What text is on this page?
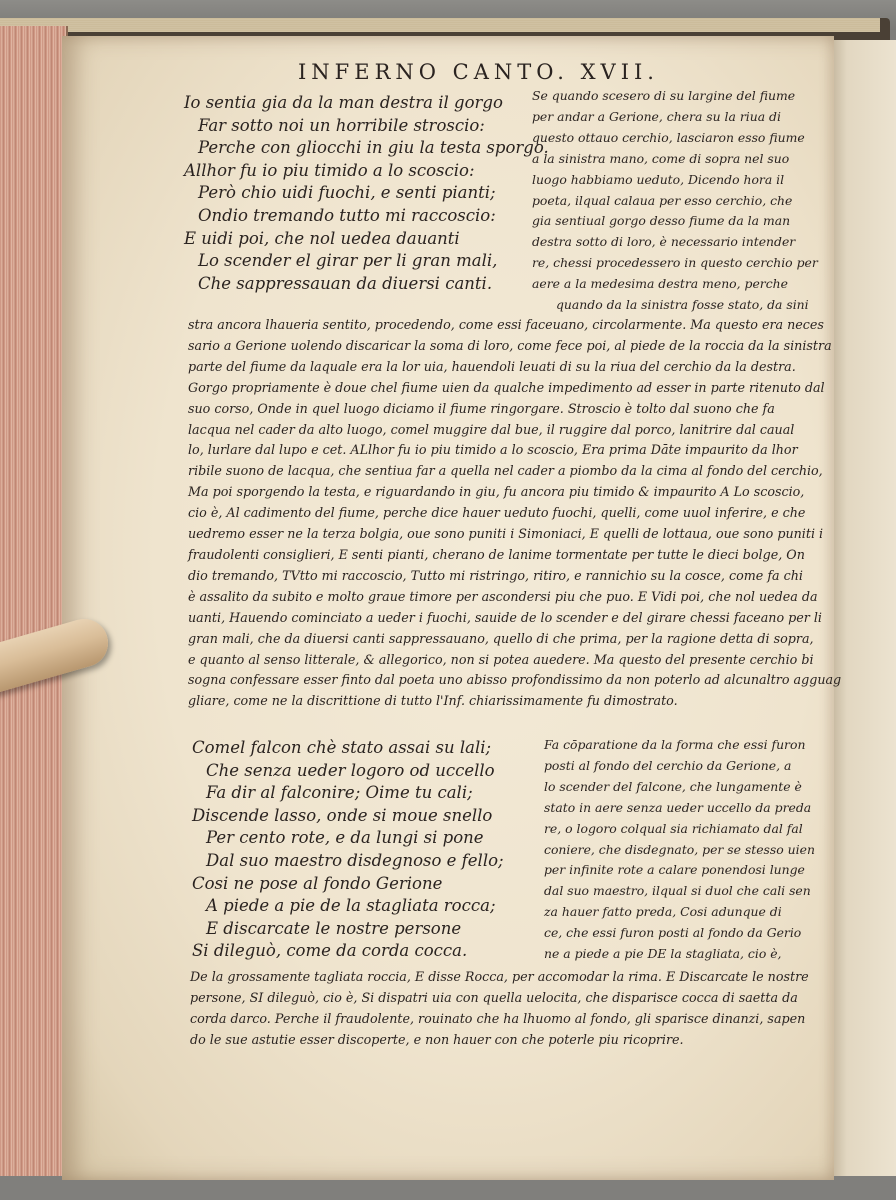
INFERNO CANTO. XVII.
Io sentia gia da la man destra il gorgo
Far sotto noi un horribile stroscio:
Perche con gliocchi in giu la testa sporgo.
Allhor fu io piu timido a lo scoscio:
Però chio uidi fuochi, e senti pianti;
Ondio tremando tutto mi raccoscio:
E uidi poi, che nol uedea dauanti
Lo scender el girar per li gran mali,
Che sappressauan da diuersi canti.
Se quando scesero di su largine del fiume
per andar a Gerione, chera su la riua di
questo ottauo cerchio, lasciaron esso fiume
a la sinistra mano, come di sopra nel suo
luogo habbiamo ueduto, Dicendo hora il
poeta, ilqual calaua per esso cerchio, che
gia sentiual gorgo desso fiume da la man
destra sotto di loro, è necessario intender
re, chessi procedessero in questo cerchio per
aere a la medesima destra meno, perche
quando da la sinistra fosse stato, da sini
stra ancora lhaueria sentito, procedendo, come essi faceuano, circolarmente. Ma questo era neces
sario a Gerione uolendo discaricar la soma di loro, come fece poi, al piede de la roccia da la sinistra
parte del fiume da laquale era la lor uia, hauendoli leuati di su la riua del cerchio da la destra.
Gorgo propriamente è doue chel fiume uien da qualche impedimento ad esser in parte ritenuto dal
suo corso, Onde in quel luogo diciamo il fiume ringorgare. Stroscio è tolto dal suono che fa
lacqua nel cader da alto luogo, comel muggire dal bue, il ruggire dal porco, lanitrire dal caual
lo, lurlare dal lupo e cet. ALlhor fu io piu timido a lo scoscio, Era prima Dāte impaurito da lhor
ribile suono de lacqua, che sentiua far a quella nel cader a piombo da la cima al fondo del cerchio,
Ma poi sporgendo la testa, e riguardando in giu, fu ancora piu timido & impaurito A Lo scoscio,
cio è, Al cadimento del fiume, perche dice hauer ueduto fuochi, quelli, come uuol inferire, e che
uedremo esser ne la terza bolgia, oue sono puniti i Simoniaci, E quelli de lottaua, oue sono puniti i
fraudolenti consiglieri, E senti pianti, cherano de lanime tormentate per tutte le dieci bolge, On
dio tremando, TVtto mi raccoscio, Tutto mi ristringo, ritiro, e rannichio su la cosce, come fa chi
è assalito da subito e molto graue timore per ascondersi piu che puo. E Vidi poi, che nol uedea da
uanti, Hauendo cominciato a ueder i fuochi, sauide de lo scender e del girare chessi faceano per li
gran mali, che da diuersi canti sappressauano, quello di che prima, per la ragione detta di sopra,
e quanto al senso litterale, & allegorico, non si potea auedere. Ma questo del presente cerchio bi
sogna confessare esser finto dal poeta uno abisso profondissimo da non poterlo ad alcunaltro agguag
gliare, come ne la discrittione di tutto l'Inf. chiarissimamente fu dimostrato.
Comel falcon chè stato assai su lali;
Che senza ueder logoro od uccello
Fa dir al falconire; Oime tu cali;
Discende lasso, onde si moue snello
Per cento rote, e da lungi si pone
Dal suo maestro disdegnoso e fello;
Cosi ne pose al fondo Gerione
A piede a pie de la stagliata rocca;
E discarcate le nostre persone
Si dileguò, come da corda cocca.
Fa cōparatione da la forma che essi furon
posti al fondo del cerchio da Gerione, a
lo scender del falcone, che lungamente è
stato in aere senza ueder uccello da preda
re, o logoro colqual sia richiamato dal fal
coniere, che disdegnato, per se stesso uien
per infinite rote a calare ponendosi lunge
dal suo maestro, ilqual si duol che cali sen
za hauer fatto preda, Cosi adunque di
ce, che essi furon posti al fondo da Gerio
ne a piede a pie DE la stagliata, cio è,
De la grossamente tagliata roccia, E disse Rocca, per accomodar la rima. E Discarcate le nostre
persone, SI dileguò, cio è, Si dispatri uia con quella uelocita, che disparisce cocca di saetta da
corda darco. Perche il fraudolente, rouinato che ha lhuomo al fondo, gli sparisce dinanzi, sapen
do le sue astutie esser discoperte, e non hauer con che poterle piu ricoprire.
